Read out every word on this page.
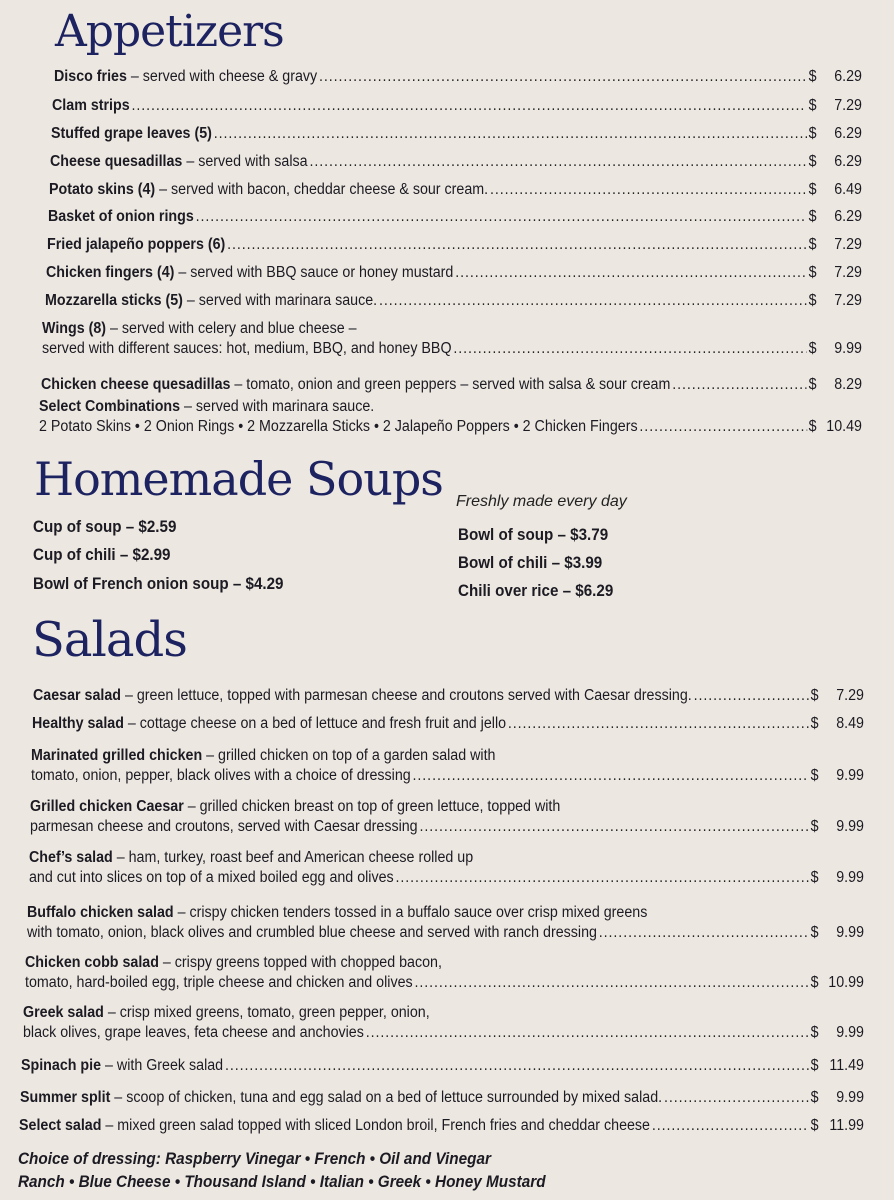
Appetizers
Disco fries – served with cheese & gravy .....	$ 6.29
Clam strips .....	$ 7.29
Stuffed grape leaves (5) .....	$ 6.29
Cheese quesadillas – served with salsa .....	$ 6.29
Potato skins (4) – served with bacon, cheddar cheese & sour cream. .....	$ 6.49
Basket of onion rings .....	$ 6.29
Fried jalapeño poppers (6) .....	$ 7.29
Chicken fingers (4) – served with BBQ sauce or honey mustard .....	$ 7.29
Mozzarella sticks (5) – served with marinara sauce. .....	$ 7.29
Wings (8) – served with celery and blue cheese –
served with different sauces: hot, medium, BBQ, and honey BBQ .....	$ 9.99
Chicken cheese quesadillas – tomato, onion and green peppers – served with salsa & sour cream .....	$ 8.29
Select Combinations – served with marinara sauce.
2 Potato Skins • 2 Onion Rings • 2 Mozzarella Sticks • 2 Jalapeño Poppers • 2 Chicken Fingers .....	$ 10.49
Homemade Soups Freshly made every day
Cup of soup – $2.59
Cup of chili – $2.99
Bowl of French onion soup – $4.29
Bowl of soup – $3.79
Bowl of chili – $3.99
Chili over rice – $6.29
Salads
Caesar salad – green lettuce, topped with parmesan cheese and croutons served with Caesar dressing. .....	$ 7.29
Healthy salad – cottage cheese on a bed of lettuce and fresh fruit and jello .....	$ 8.49
Marinated grilled chicken – grilled chicken on top of a garden salad with
tomato, onion, pepper, black olives with a choice of dressing .....	$ 9.99
Grilled chicken Caesar – grilled chicken breast on top of green lettuce, topped with
parmesan cheese and croutons, served with Caesar dressing .....	$ 9.99
Chef’s salad – ham, turkey, roast beef and American cheese rolled up
and cut into slices on top of a mixed boiled egg and olives .....	$ 9.99
Buffalo chicken salad – crispy chicken tenders tossed in a buffalo sauce over crisp mixed greens
with tomato, onion, black olives and crumbled blue cheese and served with ranch dressing .....	$ 9.99
Chicken cobb salad – crispy greens topped with chopped bacon,
tomato, hard-boiled egg, triple cheese and chicken and olives .....	$ 10.99
Greek salad – crisp mixed greens, tomato, green pepper, onion,
black olives, grape leaves, feta cheese and anchovies .....	$ 9.99
Spinach pie – with Greek salad .....	$ 11.49
Summer split – scoop of chicken, tuna and egg salad on a bed of lettuce surrounded by mixed salad. .....	$ 9.99
Select salad – mixed green salad topped with sliced London broil, French fries and cheddar cheese .....	$ 11.99
Choice of dressing: Raspberry Vinegar • French • Oil and Vinegar
Ranch • Blue Cheese • Thousand Island • Italian • Greek • Honey Mustard
